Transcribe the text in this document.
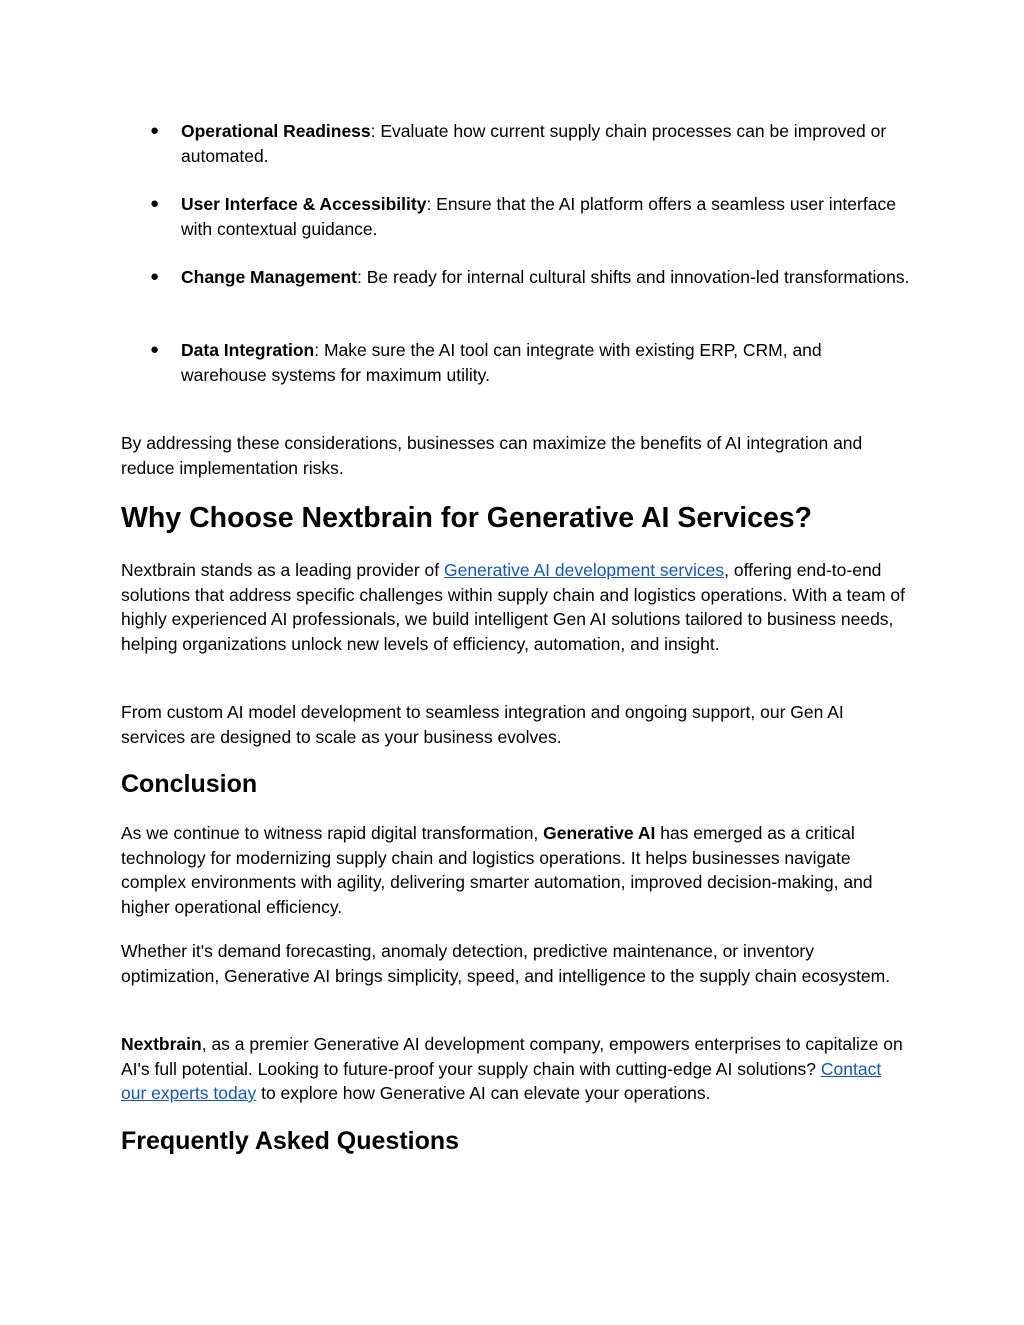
● Operational Readiness: Evaluate how current supply chain processes can be improved or automated.
● User Interface & Accessibility: Ensure that the AI platform offers a seamless user interface with contextual guidance.
● Change Management: Be ready for internal cultural shifts and innovation-led transformations.
● Data Integration: Make sure the AI tool can integrate with existing ERP, CRM, and warehouse systems for maximum utility.

By addressing these considerations, businesses can maximize the benefits of AI integration and reduce implementation risks.

Why Choose Nextbrain for Generative AI Services?

Nextbrain stands as a leading provider of Generative AI development services, offering end-to-end solutions that address specific challenges within supply chain and logistics operations. With a team of highly experienced AI professionals, we build intelligent Gen AI solutions tailored to business needs, helping organizations unlock new levels of efficiency, automation, and insight.

From custom AI model development to seamless integration and ongoing support, our Gen AI services are designed to scale as your business evolves.

Conclusion

As we continue to witness rapid digital transformation, Generative AI has emerged as a critical technology for modernizing supply chain and logistics operations. It helps businesses navigate complex environments with agility, delivering smarter automation, improved decision-making, and higher operational efficiency.

Whether it's demand forecasting, anomaly detection, predictive maintenance, or inventory optimization, Generative AI brings simplicity, speed, and intelligence to the supply chain ecosystem.

Nextbrain, as a premier Generative AI development company, empowers enterprises to capitalize on AI's full potential. Looking to future-proof your supply chain with cutting-edge AI solutions? Contact our experts today to explore how Generative AI can elevate your operations.

Frequently Asked Questions
